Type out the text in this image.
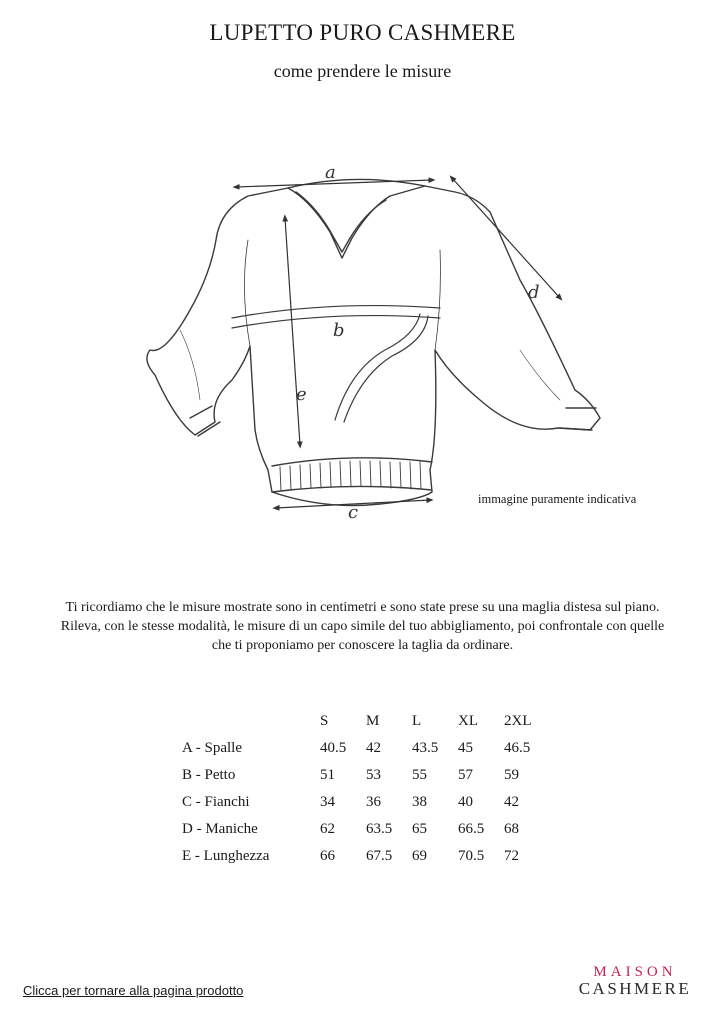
LUPETTO PURO CASHMERE
come prendere le misure
a
b
c
d
e
immagine puramente indicativa
Ti ricordiamo che le misure mostrate sono in centimetri e sono state prese su una maglia distesa sul piano.
Rileva, con le stesse modalità, le misure di un capo simile del tuo abbigliamento, poi confrontale con quelle
che ti proponiamo per conoscere la taglia da ordinare.
	S	M	L	XL	2XL
A - Spalle	40.5	42	43.5	45	46.5
B - Petto	51	53	55	57	59
C - Fianchi	34	36	38	40	42
D - Maniche	62	63.5	65	66.5	68
E - Lunghezza	66	67.5	69	70.5	72
Clicca per tornare alla pagina prodotto
MAISON
CASHMERE
